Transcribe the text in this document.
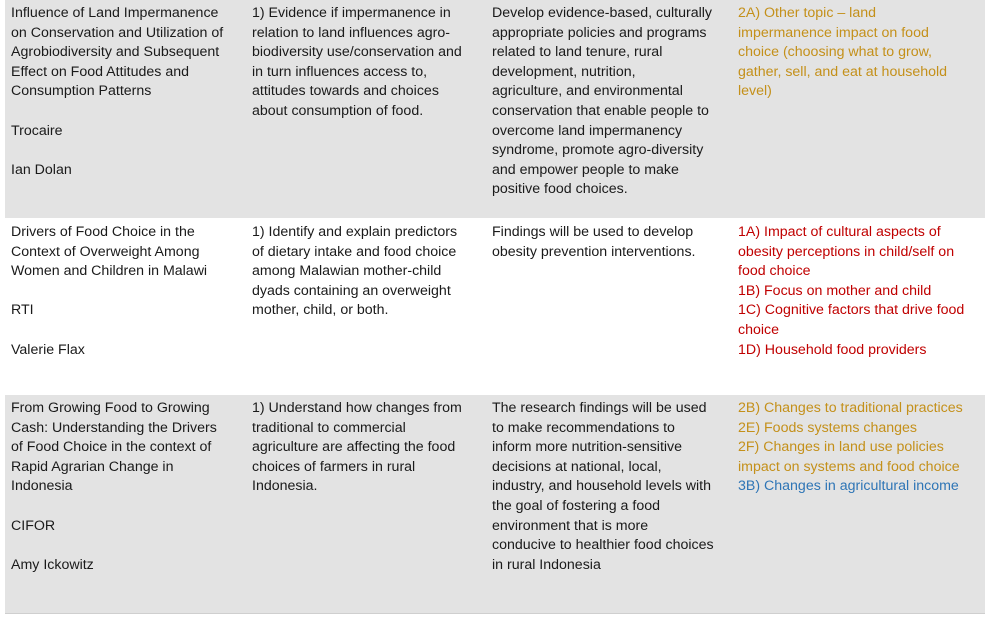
Influence of Land Impermanence
on Conservation and Utilization of
Agrobiodiversity and Subsequent
Effect on Food Attitudes and
Consumption Patterns

Trocaire

Ian Dolan

1) Evidence if impermanence in
relation to land influences agro-
biodiversity use/conservation and
in turn influences access to,
attitudes towards and choices
about consumption of food.
Develop evidence-based, culturally
appropriate policies and programs
related to land tenure, rural
development, nutrition,
agriculture, and environmental
conservation that enable people to
overcome land impermanency
syndrome, promote agro-diversity
and empower people to make
positive food choices.
2A) Other topic – land
impermanence impact on food
choice (choosing what to grow,
gather, sell, and eat at household
level)

Drivers of Food Choice in the
Context of Overweight Among
Women and Children in Malawi

RTI

Valerie Flax

1) Identify and explain predictors
of dietary intake and food choice
among Malawian mother-child
dyads containing an overweight
mother, child, or both.
Findings will be used to develop
obesity prevention interventions.
1A) Impact of cultural aspects of
obesity perceptions in child/self on
food choice
1B) Focus on mother and child
1C) Cognitive factors that drive food
choice
1D) Household food providers

From Growing Food to Growing
Cash: Understanding the Drivers
of Food Choice in the context of
Rapid Agrarian Change in
Indonesia

CIFOR

Amy Ickowitz

1) Understand how changes from
traditional to commercial
agriculture are affecting the food
choices of farmers in rural
Indonesia.
The research findings will be used
to make recommendations to
inform more nutrition-sensitive
decisions at national, local,
industry, and household levels with
the goal of fostering a food
environment that is more
conducive to healthier food choices
in rural Indonesia
2B) Changes to traditional practices
2E) Foods systems changes
2F) Changes in land use policies
impact on systems and food choice
3B) Changes in agricultural income
